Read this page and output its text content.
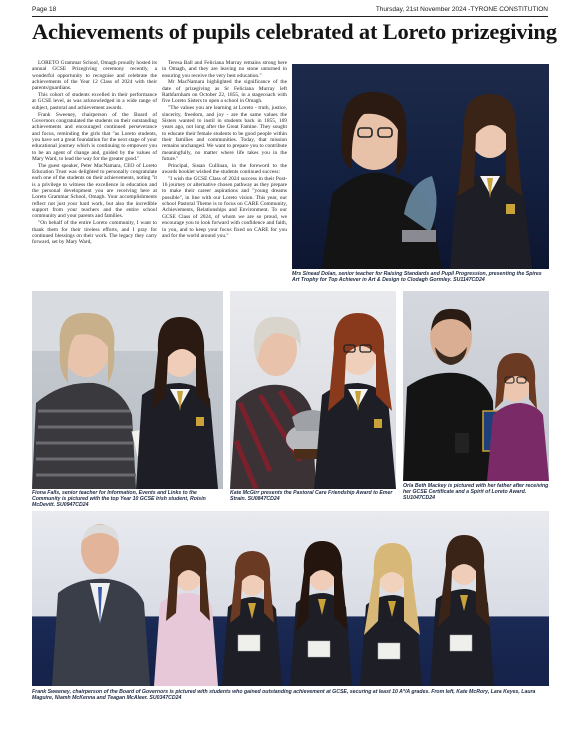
Page 18	Thursday, 21st November 2024 -TYRONE CONSTITUTION
Achievements of pupils celebrated at Loreto prizegiving

LORETO Grammar School, Omagh proudly hosted its annual GCSE Prizegiving ceremony recently, a wonderful opportunity to recognise and celebrate the achievements of the Year 12 Class of 2024 with their parents/guardians.

This cohort of students excelled in their performance at GCSE level, as was acknowledged in a wide range of subject, pastoral and achievement awards.

Frank Sweeney, chairperson of the Board of Governors congratulated the students on their outstanding achievements and encouraged continued perseverance and focus, reminding the girls that "as Loreto students, you have set a great foundation for the next stage of your educational journey which is continuing to empower you to be an agent of change and, guided by the values of Mary Ward, to lead the way for the greater good."

The guest speaker, Peter MacNamara, CEO of Loreto Education Trust was delighted to personally congratulate each one of the students on their achievements, noting "it is a privilege to witness the excellence in education and the personal development you are receiving here at Loreto Grammar School, Omagh. Your accomplishments reflect not just your hard work, but also the incredible support from your teachers and the entire school community and your parents and families.

"On behalf of the entire Loreto community, I want to thank them for their tireless efforts, and I pray for continued blessings on their work. The legacy they carry forward, set by Mary Ward,

Teresa Ball and Feliciana Murray remains strong here in Omagh, and they are leaving no stone unturned in ensuring you receive the very best education."

Mr MacNamara highlighted the significance of the date of prizegiving as Sr Feliciana Murray left Rathfarnham on October 22, 1855, in a stagecoach with five Loreto Sisters to open a school in Omagh.

"The values you are learning at Loreto - truth, justice, sincerity, freedom, and joy - are the same values the Sisters wanted to instil in students back in 1855, 169 years ago, not long after the Great Famine. They sought to educate their female students to be good people within their families and communities. Today, that mission remains unchanged. We want to prepare you to contribute meaningfully, no matter where life takes you in the future."

Principal, Susan Cullinan, in the foreword to the awards booklet wished the students continued success:

"I wish the GCSE Class of 2024 success in their Post-16 journey or alternative chosen pathway as they prepare to make their career aspirations and "young dreams possible", in line with our Loreto vision. This year, our school Pastoral Theme is to focus on CARE Community, Achievements, Relationships and Environment. To our GCSE Class of 2024, of whom we are so proud, we encourage you to look forward with confidence and faith, in you, and to keep your focus fixed on CARE for you and for the world around you."

Mrs Sinead Dolan, senior teacher for Raising Standards and Pupil Progression, presenting the Spires Art Trophy for Top Achiever in Art & Design to Clodagh Gormley. SU1147CD24
Fiona Falls, senior teacher for Information, Events and Links to the Community is pictured with the top Year 10 GCSE Irish student, Roisin McDevitt. SU0947CD24
Kate McGirr presents the Pastoral Care Friendship Award to Emer Strain. SU0847CD24
Orla Beth Mackey is pictured with her father after receiving her GCSE Certificate and a Spirit of Loreto Award. SU1047CD24
Frank Sweeney, chairperson of the Board of Governors is pictured with students who gained outstanding achievement at GCSE, securing at least 10 A*/A grades. From left, Kate McRory, Lara Keyes, Laura Maguire, Niamh McKenna and Teagan McAleer. SU0347CD24
